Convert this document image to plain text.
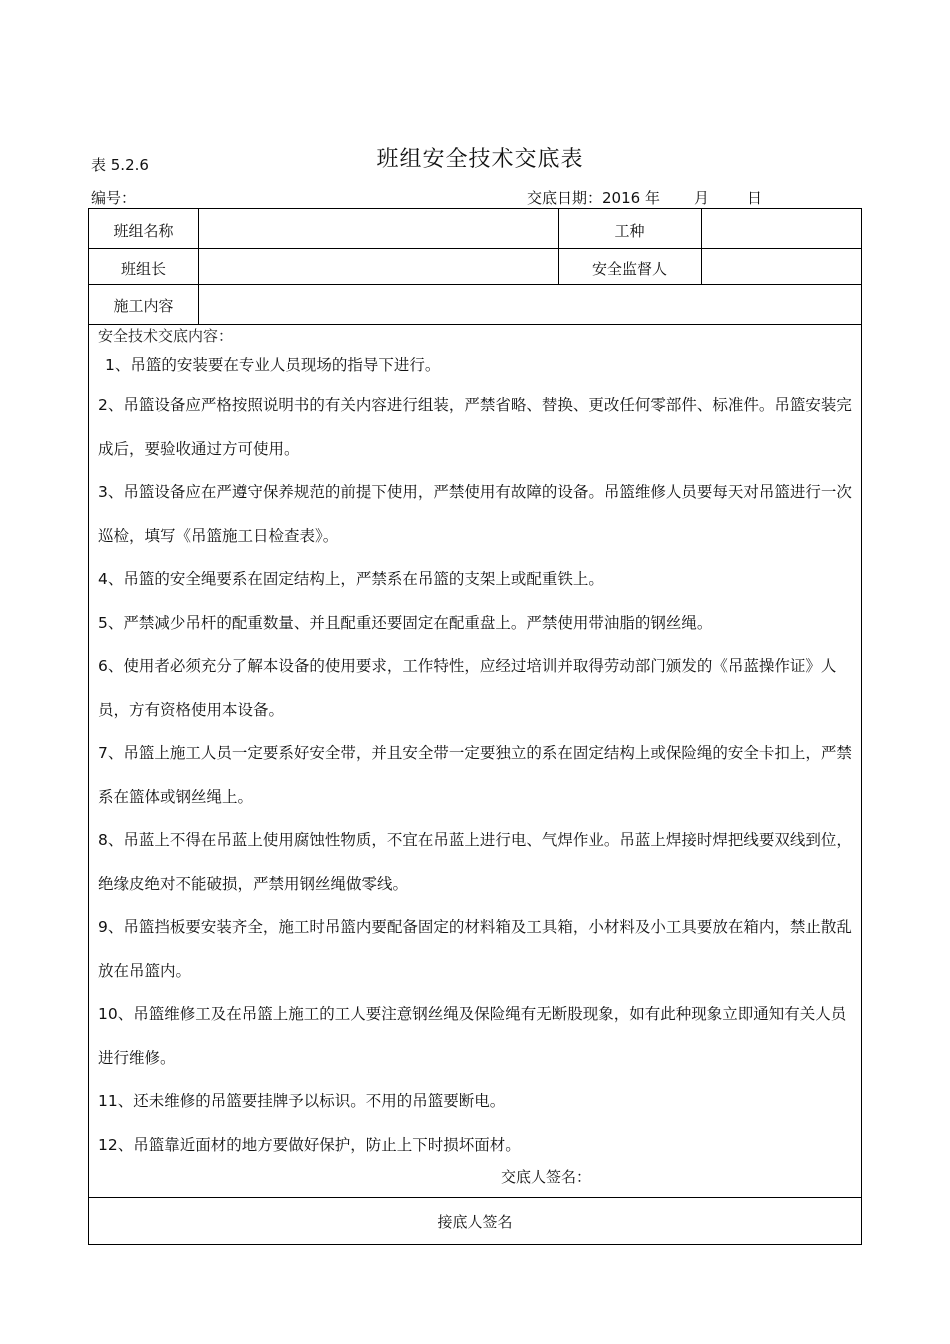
表 5.2.6	班组安全技术交底表
编号：	交底日期：2016 年 月	日
班组名称	工种
班组长	安全监督人
施工内容
安全技术交底内容：

1、吊篮的安装要在专业人员现场的指导下进行。

2、吊篮设备应严格按照说明书的有关内容进行组装，严禁省略、替换、更改任何零部件、标准件。吊篮安装完成后，要验收通过方可使用。

3、吊篮设备应在严遵守保养规范的前提下使用，严禁使用有故障的设备。吊篮维修人员要每天对吊篮进行一次巡检，填写《吊篮施工日检查表》。

4、吊篮的安全绳要系在固定结构上，严禁系在吊篮的支架上或配重铁上。

5、严禁减少吊杆的配重数量、并且配重还要固定在配重盘上。严禁使用带油脂的钢丝绳。

6、使用者必须充分了解本设备的使用要求，工作特性，应经过培训并取得劳动部门颁发的《吊蓝操作证》人员，方有资格使用本设备。

7、吊篮上施工人员一定要系好安全带，并且安全带一定要独立的系在固定结构上或保险绳的安全卡扣上，严禁系在篮体或钢丝绳上。

8、吊蓝上不得在吊蓝上使用腐蚀性物质，不宜在吊蓝上进行电、气焊作业。吊蓝上焊接时焊把线要双线到位，绝缘皮绝对不能破损，严禁用钢丝绳做零线。

9、吊篮挡板要安装齐全，施工时吊篮内要配备固定的材料箱及工具箱，小材料及小工具要放在箱内，禁止散乱放在吊篮内。

10、吊篮维修工及在吊篮上施工的工人要注意钢丝绳及保险绳有无断股现象，如有此种现象立即通知有关人员进行维修。

11、还未维修的吊篮要挂牌予以标识。不用的吊篮要断电。

12、吊篮靠近面材的地方要做好保护，防止上下时损坏面材。

交底人签名：
接底人签名
